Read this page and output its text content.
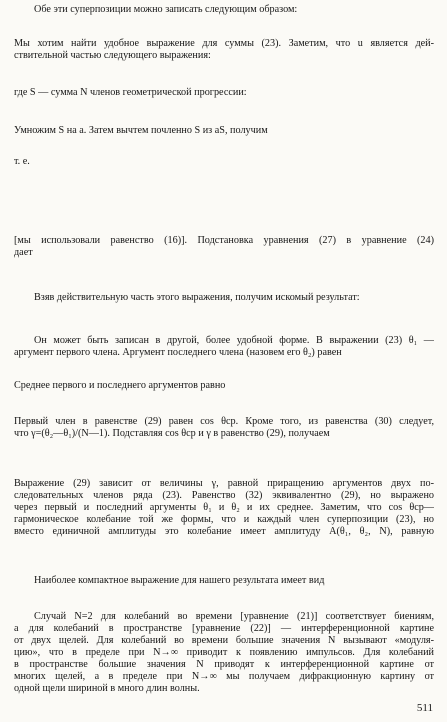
Обе эти суперпозиции можно записать следующим образом:
Мы хотим найти удобное выражение для суммы (23). Заметим, что u является дей-
ствительной частью следующего выражения:
где S — сумма N членов геометрической прогрессии:
Умножим S на a. Затем вычтем почленно S из aS, получим
т. е.

[мы использовали равенство (16)]. Подстановка уравнения (27) в уравнение (24)
дает
Взяв действительную часть этого выражения, получим искомый результат:
Он может быть записан в другой, более удобной форме. В выражении (23) θ₁ —
аргумент первого члена. Аргумент последнего члена (назовем его θ₂) равен
Среднее первого и последнего аргументов равно
Первый член в равенстве (29) равен cos θср. Кроме того, из равенства (30) следует,
что γ=(θ₂—θ₁)/(N—1). Подставляя cos θср и γ в равенство (29), получаем
Выражение (29) зависит от величины γ, равной приращению аргументов двух по-
следовательных членов ряда (23). Равенство (32) эквивалентно (29), но выражено
через первый и последний аргументы θ₁ и θ₂ и их среднее. Заметим, что cos θср—
гармоническое колебание той же формы, что и каждый член суперпозиции (23), но
вместо единичной амплитуды это колебание имеет амплитуду A(θ₁, θ₂, N), равную
Наиболее компактное выражение для нашего результата имеет вид
Случай N=2 для колебаний во времени [уравнение (21)] соответствует биениям,
а для колебаний в пространстве [уравнение (22)] — интерференционной картине
от двух щелей. Для колебаний во времени большие значения N вызывают «модуля-
цию», что в пределе при N→∞ приводит к появлению импульсов. Для колебаний
в пространстве большие значения N приводят к интерференционной картине от
многих щелей, а в пределе при N→∞ мы получаем дифракционную картину от
одной щели шириной в много длин волны.
511
